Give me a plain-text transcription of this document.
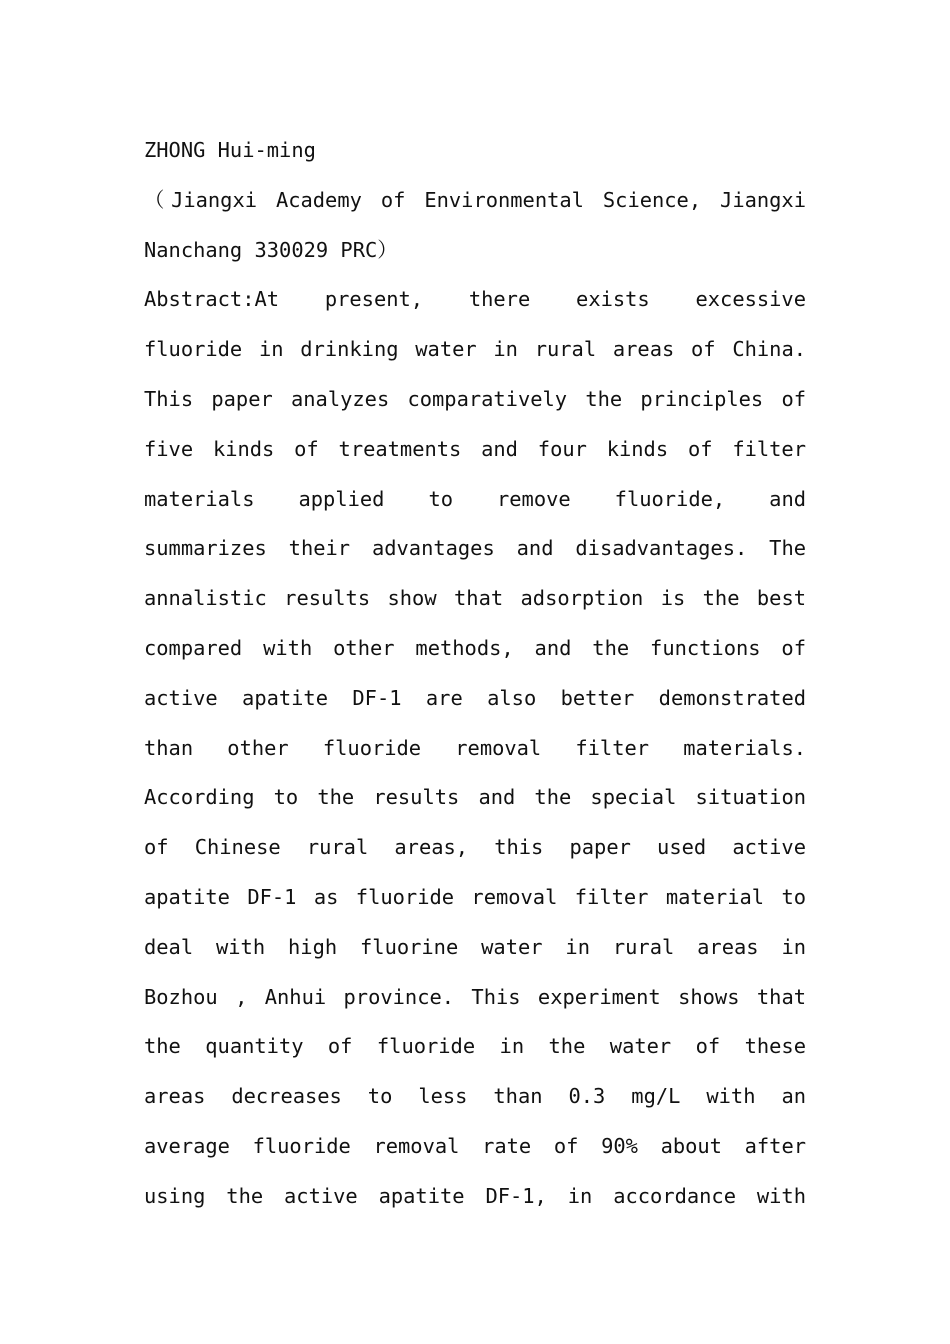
ZHONG Hui-ming
（Jiangxi Academy of Environmental Science, Jiangxi
Nanchang 330029 PRC）
Abstract:At present, there exists excessive
fluoride in drinking water in rural areas of China.
This paper analyzes comparatively the principles of
five kinds of treatments and four kinds of filter
materials applied to remove fluoride, and
summarizes their advantages and disadvantages. The
annalistic results show that adsorption is the best
compared with other methods, and the functions of
active apatite DF-1 are also better demonstrated
than other fluoride removal filter materials.
According to the results and the special situation
of Chinese rural areas, this paper used active
apatite DF-1 as fluoride removal filter material to
deal with high fluorine water in rural areas in
Bozhou , Anhui province. This experiment shows that
the quantity of fluoride in the water of these
areas decreases to less than 0.3 mg/L with an
average fluoride removal rate of 90% about after
using the active apatite DF-1, in accordance with
